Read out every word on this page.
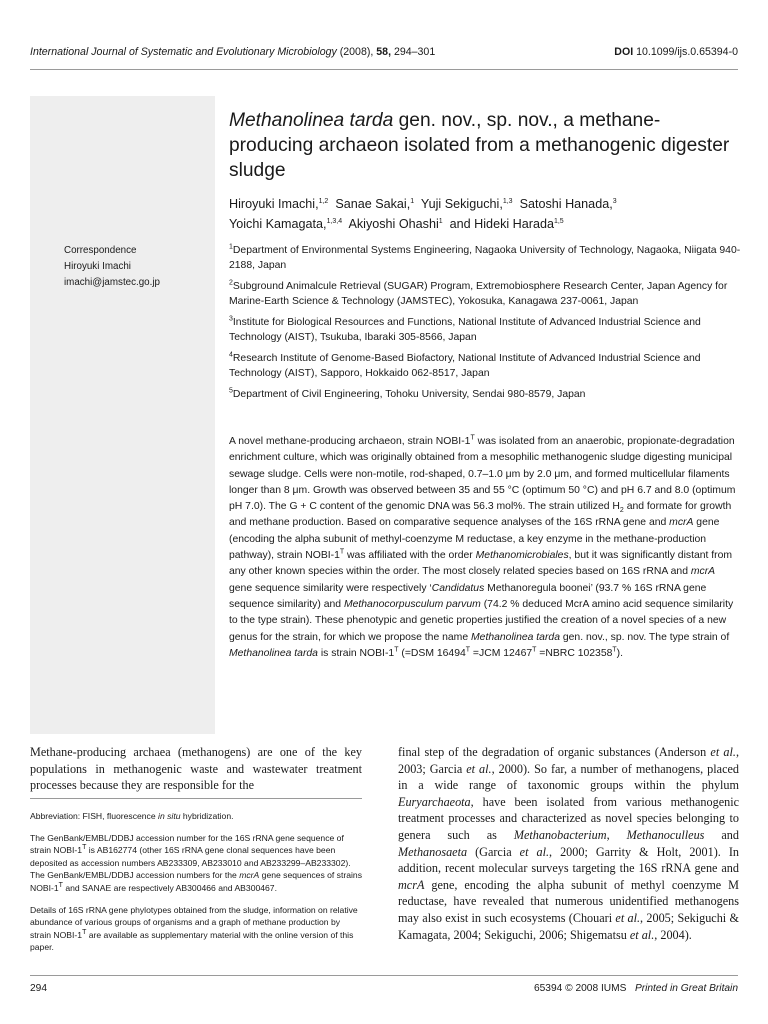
International Journal of Systematic and Evolutionary Microbiology (2008), 58, 294–301	DOI 10.1099/ijs.0.65394-0
Correspondence
Hiroyuki Imachi
imachi@jamstec.go.jp
Methanolinea tarda gen. nov., sp. nov., a methane-producing archaeon isolated from a methanogenic digester sludge
Hiroyuki Imachi,$^{1,2}$ Sanae Sakai,$^1$ Yuji Sekiguchi,$^{1,3}$ Satoshi Hanada,$^3$
Yoichi Kamagata,$^{1,3,4}$ Akiyoshi Ohashi$^1$ and Hideki Harada$^{1,5}$
$^1$Department of Environmental Systems Engineering, Nagaoka University of Technology, Nagaoka, Niigata 940-2188, Japan
$^2$Subground Animalcule Retrieval (SUGAR) Program, Extremobiosphere Research Center, Japan Agency for Marine-Earth Science & Technology (JAMSTEC), Yokosuka, Kanagawa 237-0061, Japan
$^3$Institute for Biological Resources and Functions, National Institute of Advanced Industrial Science and Technology (AIST), Tsukuba, Ibaraki 305-8566, Japan
$^4$Research Institute of Genome-Based Biofactory, National Institute of Advanced Industrial Science and Technology (AIST), Sapporo, Hokkaido 062-8517, Japan
$^5$Department of Civil Engineering, Tohoku University, Sendai 980-8579, Japan
A novel methane-producing archaeon, strain NOBI-$1^T$ was isolated from an anaerobic, propionate-degradation enrichment culture, which was originally obtained from a mesophilic methanogenic sludge digesting municipal sewage sludge. Cells were non-motile, rod-shaped, 0.7–1.0 μm by 2.0 μm, and formed multicellular filaments longer than 8 μm. Growth was observed between 35 and 55 °C (optimum 50 °C) and pH 6.7 and 8.0 (optimum pH 7.0). The G + C content of the genomic DNA was 56.3 mol%. The strain utilized $H_2$ and formate for growth and methane production. Based on comparative sequence analyses of the 16S rRNA gene and mcrA gene (encoding the alpha subunit of methyl-coenzyme M reductase, a key enzyme in the methane-production pathway), strain NOBI-$1^T$ was affiliated with the order Methanomicrobiales, but it was significantly distant from any other known species within the order. The most closely related species based on 16S rRNA and mcrA gene sequence similarity were respectively ‘Candidatus Methanoregula boonei’ (93.7 % 16S rRNA gene sequence similarity) and Methanocorpusculum parvum (74.2 % deduced McrA amino acid sequence similarity to the type strain). These phenotypic and genetic properties justified the creation of a novel species of a new genus for the strain, for which we propose the name Methanolinea tarda gen. nov., sp. nov. The type strain of Methanolinea tarda is strain NOBI-$1^T$ (=DSM $16494^T =JCM$ $12467^T$ =NBRC $102358^T$).
Methane-producing archaea (methanogens) are one of the key populations in methanogenic waste and wastewater treatment processes because they are responsible for the

Abbreviation: FISH, fluorescence in situ hybridization.

The GenBank/EMBL/DDBJ accession number for the 16S rRNA gene sequence of strain NOBI-$1^T$ is AB162774 (other 16S rRNA gene clonal sequences have been deposited as accession numbers AB233309, AB233010 and AB233299–AB233302). The GenBank/EMBL/DDBJ accession numbers for the mcrA gene sequences of strains NOBI-$1^T$ and SANAE are respectively AB300466 and AB300467.

Details of 16S rRNA gene phylotypes obtained from the sludge, information on relative abundance of various groups of organisms and a graph of methane production by strain NOBI-$1^T$ are available as supplementary material with the online version of this paper.

final step of the degradation of organic substances (Anderson et al., 2003; Garcia et al., 2000). So far, a number of methanogens, placed in a wide range of taxonomic groups within the phylum Euryarchaeota, have been isolated from various methanogenic treatment processes and characterized as novel species belonging to genera such as Methanobacterium, Methanoculleus and Methanosaeta (Garcia et al., 2000; Garrity & Holt, 2001). In addition, recent molecular surveys targeting the 16S rRNA gene and mcrA gene, encoding the alpha subunit of methyl coenzyme M reductase, have revealed that numerous unidentified methanogens may also exist in such ecosystems (Chouari et al., 2005; Sekiguchi & Kamagata, 2004; Sekiguchi, 2006; Shigematsu et al., 2004).
294	65394 © 2008 IUMS Printed in Great Britain
